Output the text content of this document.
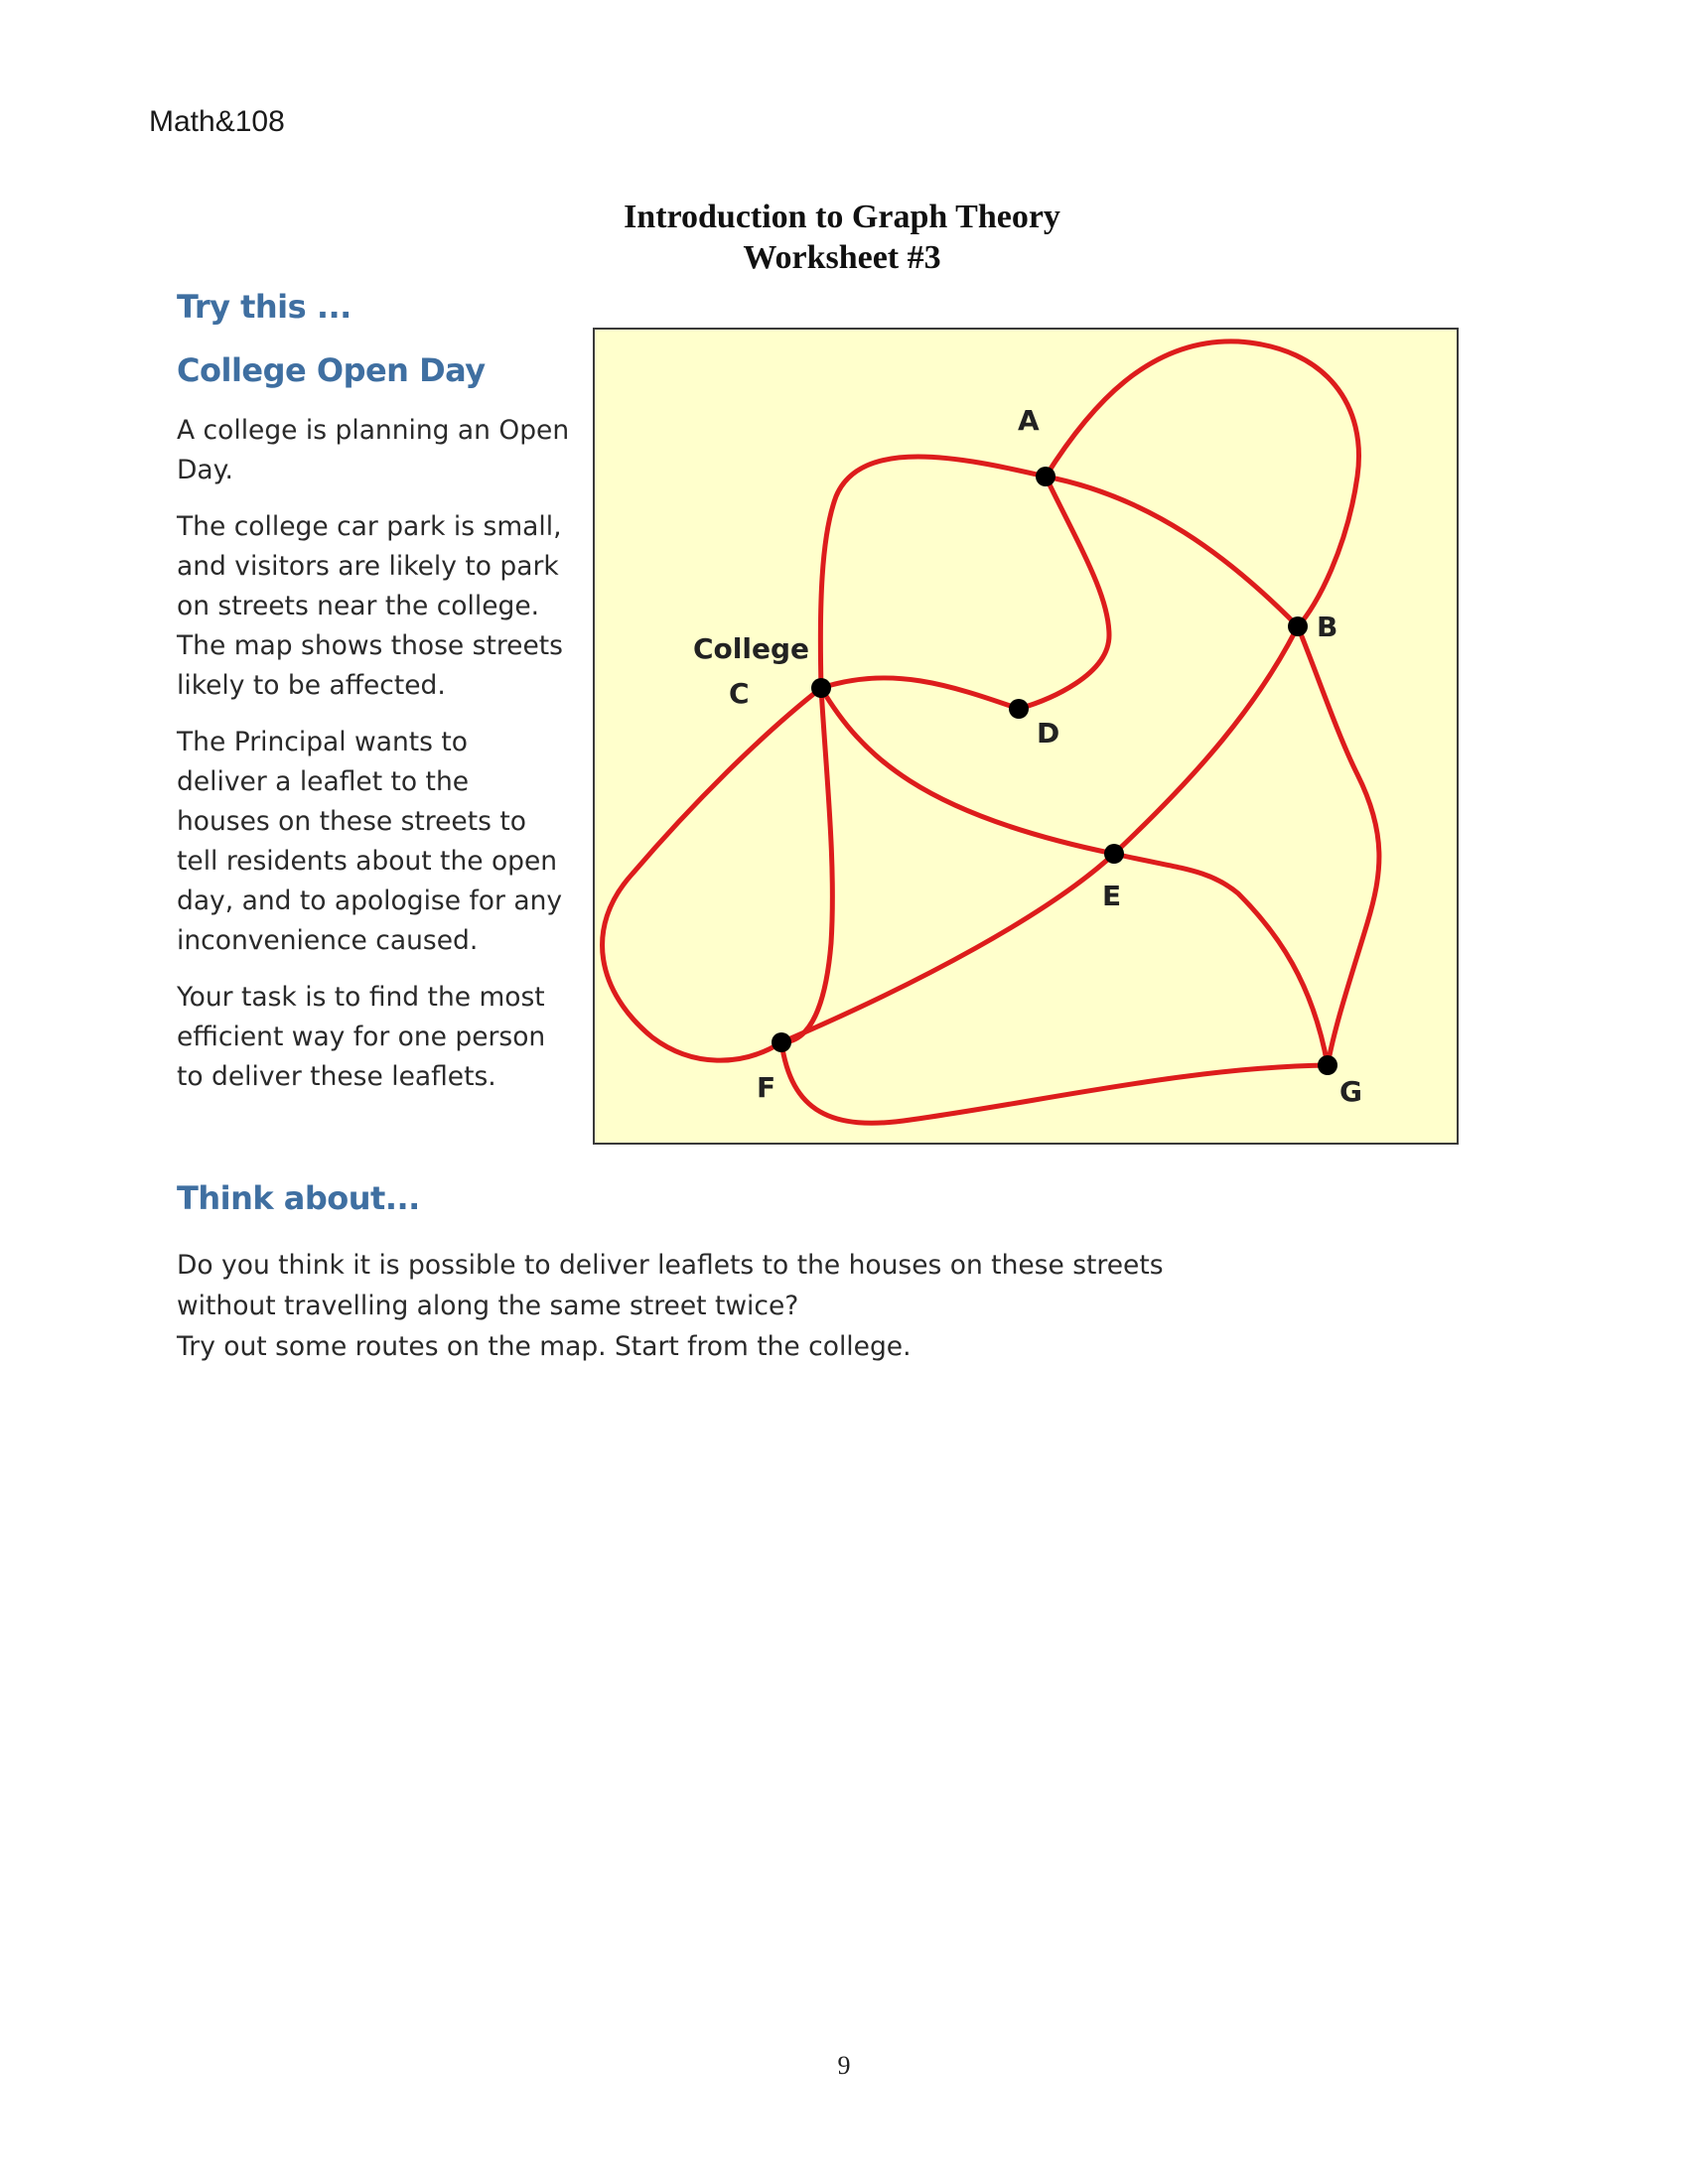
Math&108
Introduction to Graph Theory
Worksheet #3
Try this ...
College Open Day

A college is planning an Open
Day.

The college car park is small,
and visitors are likely to park
on streets near the college.
The map shows those streets
likely to be affected.

The Principal wants to
deliver a leaflet to the
houses on these streets to
tell residents about the open
day, and to apologise for any
inconvenience caused.

Your task is to find the most
efficient way for one person
to deliver these leaflets.

A
B
College
C
D
E
F	G
Think about...
Do you think it is possible to deliver leaflets to the houses on these streets
without travelling along the same street twice?
Try out some routes on the map. Start from the college.
9
